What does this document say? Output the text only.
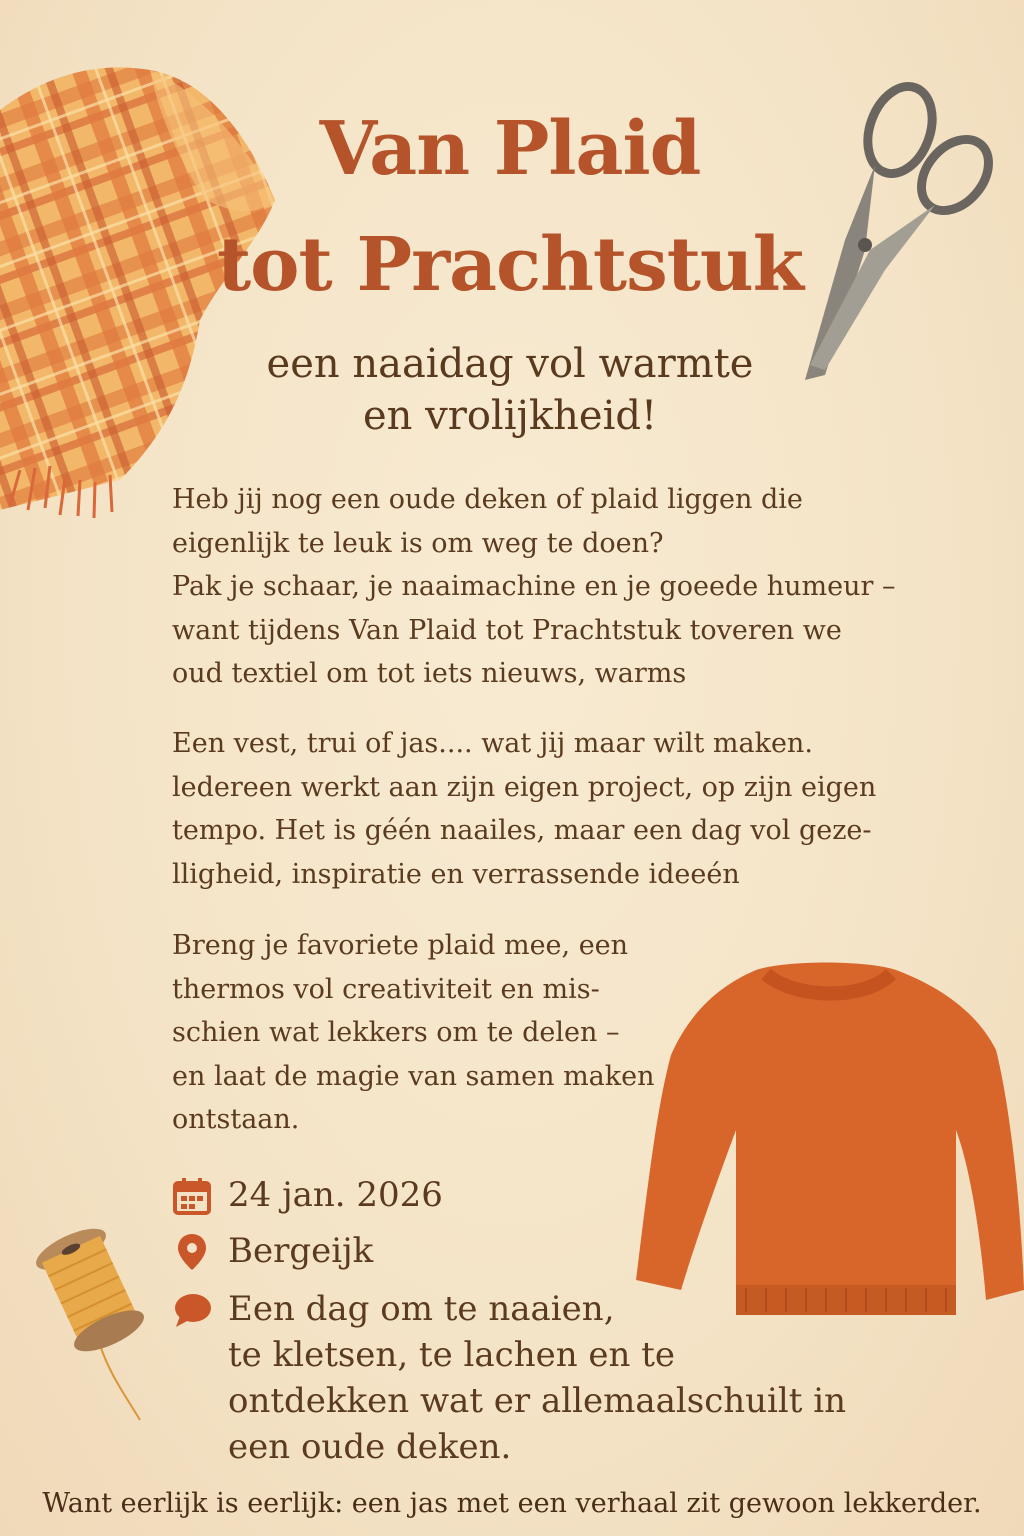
Van Plaid
tot Prachtstuk
een naaidag vol warmte
en vrolijkheid!
Heb jij nog een oude deken of plaid liggen die
eigenlijk te leuk is om weg te doen?
Pak je schaar, je naaimachine en je goeede humeur –
want tijdens Van Plaid tot Prachtstuk toveren we
oud textiel om tot iets nieuws, warms
Een vest, trui of jas.... wat jij maar wilt maken.
ledereen werkt aan zijn eigen project, op zijn eigen
tempo. Het is géén naailes, maar een dag vol geze-
lligheid, inspiratie en verrassende ideeén
Breng je favoriete plaid mee, een
thermos vol creativiteit en mis-
schien wat lekkers om te delen –
en laat de magie van samen maken
ontstaan.
24 jan. 2026
Bergeijk
Een dag om te naaien,
te kletsen, te lachen en te
ontdekken wat er allemaalschuilt in
een oude deken.
Want eerlijk is eerlijk: een jas met een verhaal zit gewoon lekkerder.
